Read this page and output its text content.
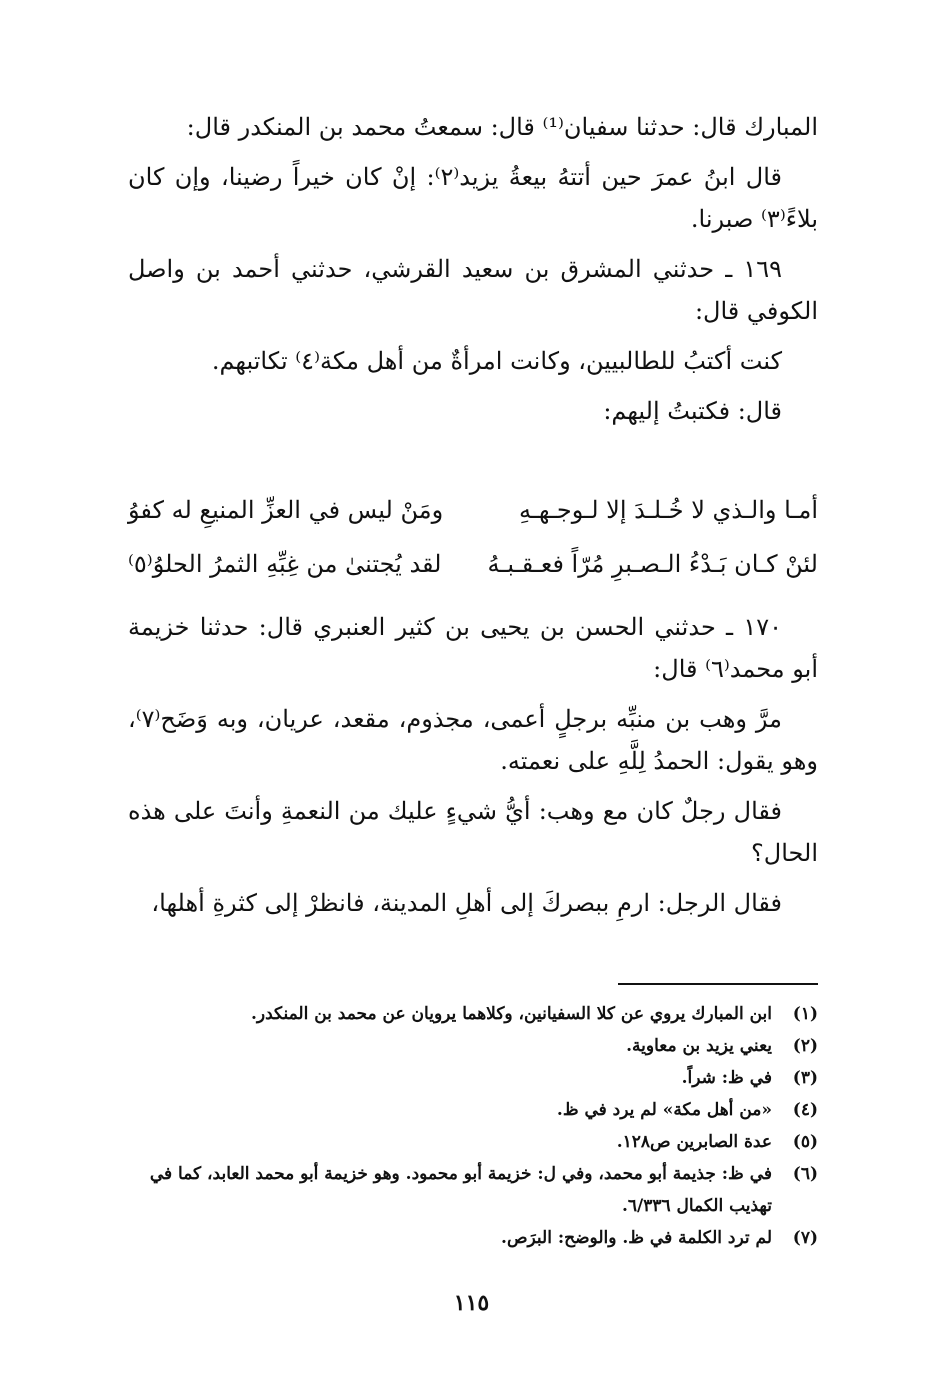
المبارك قال: حدثنا سفيان⁽¹⁾ قال: سمعتُ محمد بن المنكدر قال:

قال ابنُ عمرَ حين أتتهُ بيعةُ يزيد⁽٢⁾: إنْ كان خيراً رضينا، وإن كان بلاءً⁽٣⁾ صبرنا.

١٦٩ ـ حدثني المشرق بن سعيد القرشي، حدثني أحمد بن واصل الكوفي قال:

كنت أكتبُ للطالبيين، وكانت امرأةٌ من أهل مكة⁽٤⁾ تكاتبهم.

قال: فكتبتُ إليهم:

أمـا والـذي لا خُـلـدَ إلا لـوجـهـهِ
ومَنْ ليس في العزِّ المنيعِ له كفوُ
لئنْ كـان بَـدْءُ الـصـبرِ مُرّاً فعـقـبـهُ
لقد يُجتنىٰ من غِبِّهِ الثمرُ الحلوُ⁽٥⁾

١٧٠ ـ حدثني الحسن بن يحيى بن كثير العنبري قال: حدثنا خزيمة أبو محمد⁽٦⁾ قال:

مرَّ وهب بن منبِّه برجلٍ أعمى، مجذوم، مقعد، عريان، وبه وَضَح⁽٧⁾، وهو يقول: الحمدُ لِلَّهِ على نعمته.

فقال رجلٌ كان مع وهب: أيُّ شيءٍ عليك من النعمةِ وأنتَ على هذه الحال؟

فقال الرجل: ارمِ ببصركَ إلى أهلِ المدينة، فانظرْ إلى كثرةِ أهلها،

(١)
ابن المبارك يروي عن كلا السفيانين، وكلاهما يرويان عن محمد بن المنكدر.
(٢)
يعني يزيد بن معاوية.
(٣)
في ظ: شراً.
(٤)
«من أهل مكة» لم يرد في ظ.
(٥)
عدة الصابرين ص١٢٨.
(٦)
في ظ: جذيمة أبو محمد، وفي ل: خزيمة أبو محمود. وهو خزيمة أبو محمد العابد، كما في تهذيب الكمال ٦/٣٣٦.
(٧)
لم ترد الكلمة في ظ. والوضح: البرَص.
١١٥
